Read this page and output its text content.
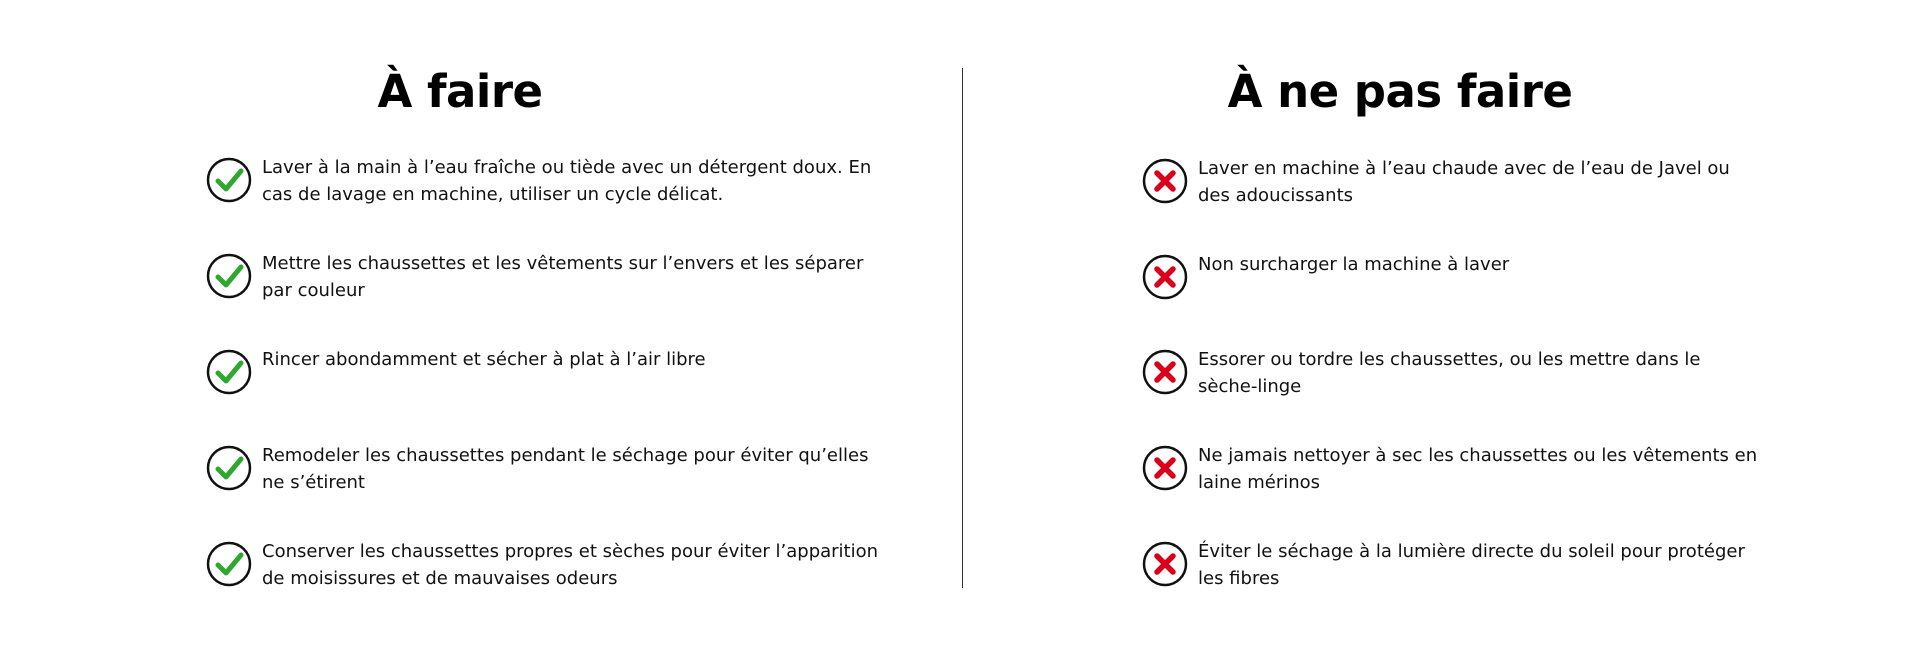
À faire	À ne pas faire
Laver à la main à l’eau fraîche ou tiède avec un détergent doux. En cas de lavage en machine, utiliser un cycle délicat.
Mettre les chaussettes et les vêtements sur l’envers et les séparer par couleur
Rincer abondamment et sécher à plat à l’air libre
Remodeler les chaussettes pendant le séchage pour éviter qu’elles ne s’étirent
Conserver les chaussettes propres et sèches pour éviter l’apparition de moisissures et de mauvaises odeurs
Laver en machine à l’eau chaude avec de l’eau de Javel ou des adoucissants
Non surcharger la machine à laver
Essorer ou tordre les chaussettes, ou les mettre dans le sèche-linge
Ne jamais nettoyer à sec les chaussettes ou les vêtements en laine mérinos
Éviter le séchage à la lumière directe du soleil pour protéger les fibres
